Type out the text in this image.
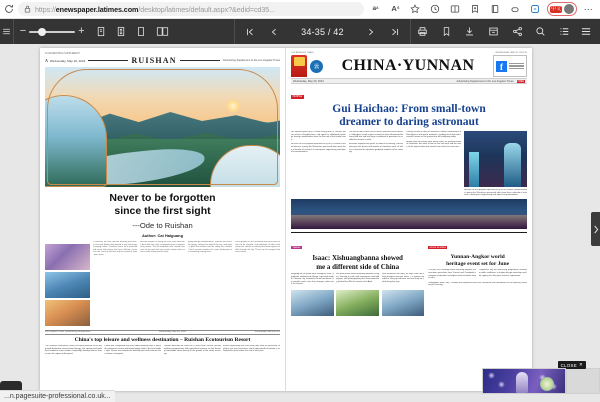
https://enewspaper.latimes.com/desktop/latimes/default.aspx?&edid=cd35...	a ᴬ	A ᐞ	中文	⋯
−	+	34-35 / 42
34 ADVERTISING SUPPLEMENT
A Wednesday, May 29, 2024	RUISHAN	Advertising Supplement to the Los Angeles Times
Never to be forgotten
since the first sight
---Ode to Ruishan
Author: Cai Haiguang
In Ruishan, the hills hold the morning mist and the terraced fields climb toward a sky that keeps changing colour. Travellers arrive for a weekend and return with stories that last a lifetime, carried on the scent of wild tea and the sound of water over stone.
Ancient villages sit along the river, their tiled roofs dark with rain, their courtyards open to anyone who passes. The old road that once carried caravans of tea and salt now carries visitors who come to walk slowly and to listen.
Spring brings rhododendron, summer the cool of the gorge, autumn the gold of the rice, and winter a quiet that settles over the valley like a blanket. Each season rewrites the same landscape into something entirely new.
Local guides tell of a mountain that was never meant to be climbed, only admired; of lakes that mirror the clouds so exactly that boats appear to drift through the sky. These are the images that never leave.
Los Angeles Times | Advertising Supplement	Wednesday, May 29, 2024	enewspaper.latimes.com
China's top leisure and wellness destination – Ruishan Ecotourism Resort
The Ruishan Ecotourism Resort has been planned as an integrated destination where forest therapy, hot springs and traditional medicine meet modern hospitality, drawing visitors from across the region and beyond.
Phase one, completed last year, added walking trails, a lakeside conference centre and family lodges built in the local timber style. Phase two extends the wetland park and restores three historic courtyards.
Officials describe the resort as a 'slow travel' anchor, pairing wellness programmes with agricultural tourism so that farming households share directly in the growth of the visitor economy.
A new expressway link cuts travel time from the provincial capital to just over two hours, and a high-speed rail station is scheduled to open before the end of next year.
LOS ANGELES TIMES	WEDNESDAY, MAY 29, 2024 35
云	CHINA·YUNNAN	f
Wednesday, May 29, 2024	Advertising Supplement to the Los Angeles Times	FREE
PEOPLE
Gui Haichao: From small-town
dreamer to daring astronaut
Gui Haichao grew up in a small county town in Yunnan, the son of two schoolteachers, and spent his childhood evenings tracing constellations from the flat roof of the family home.
He was the first payload specialist to fly on a Chinese crewed mission, joining the Shenzhou spacecraft after more than a decade of research in aerospace engineering and optical instrumentation.
The move from lecture hall to launch pad was never obvious. Colleagues recall a quiet researcher who volunteered for every field test and who kept a notebook of questions he intended to answer in orbit.
Selection required two years of medical screening, survival training in the desert and months of simulator work, all while he continued to supervise graduate students at his university.
During his time in orbit he oversaw a dozen experiments in fluid physics and space materials, sending back data that research teams on the ground are still analysing today.
Asked what he misses most about home, he answers without hesitation: the smell of rain on the red earth and the noise of the night market two streets from where he was born.
He was the first payload specialist to fly on a Chinese crewed mission, joining the Shenzhou spacecraft after more than a decade of research in aerospace engineering and optical instrumentation.
TRAVEL
Isaac: Xishuangbanna showed
me a different side of China
Stepping off the plane from Shanghai, Isaac, a graduate student from Kenya, expected another Chinese city. Instead he found rainforest, Dai temples and a river that changes colour with the season.
He spent three weeks travelling between villages, learning to cook with lemongrass and wild pepper, and photographing the water-splashing festival that fills the streets each April.
What surprised him most, he says, was how easily strangers became hosts — a pattern repeated in every guesthouse and tea shop he visited along the way.
NEWS IN BRIEF
Yunnan-Angkor world
heritage event set for June
The joint 2024 heritage forum will bring together conservation specialists from Yunnan and Cambodia to compare restoration techniques used at timber temple sites.
Organisers say the week-long programme includes a public exhibition, a student design workshop and the signing of a five-year research agreement.
Delegations from Laos, Thailand and Myanmar have also confirmed their attendance at the opening ceremony in Kunming.
CLOSE ✕
...n.pagesuite-professional.co.uk...
